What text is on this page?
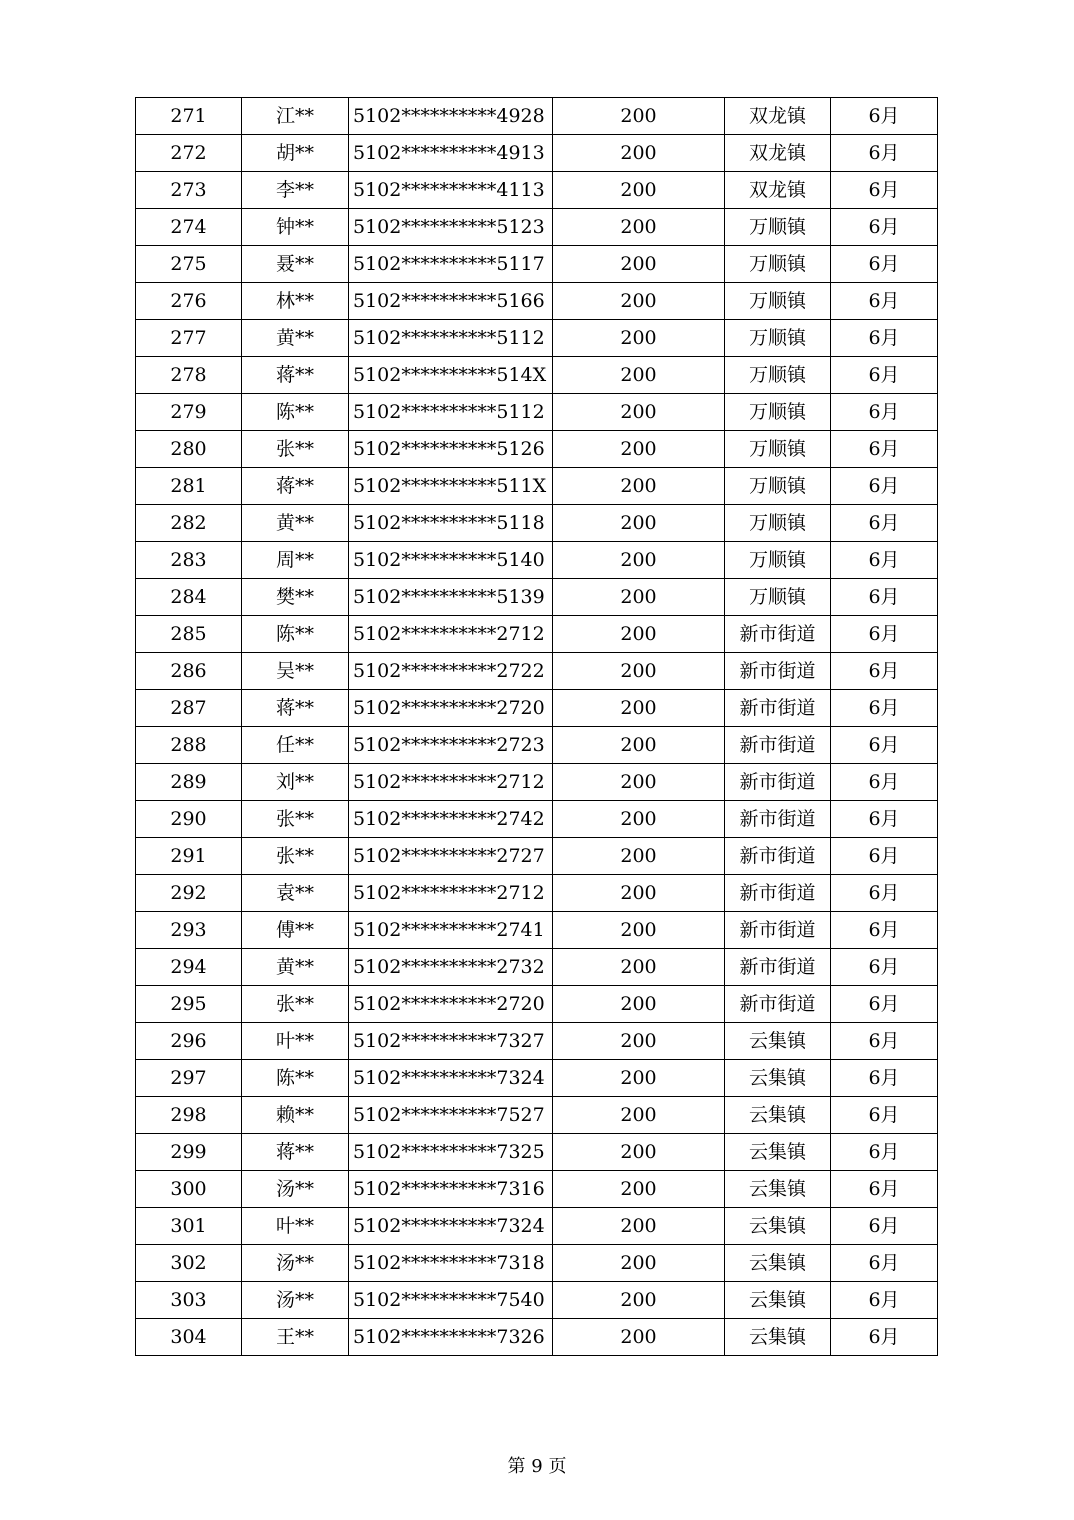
271	江**	5102**********4928	200	双龙镇	6月
272	胡**	5102**********4913	200	双龙镇	6月
273	李**	5102**********4113	200	双龙镇	6月
274	钟**	5102**********5123	200	万顺镇	6月
275	聂**	5102**********5117	200	万顺镇	6月
276	林**	5102**********5166	200	万顺镇	6月
277	黄**	5102**********5112	200	万顺镇	6月
278	蒋**	5102**********514X	200	万顺镇	6月
279	陈**	5102**********5112	200	万顺镇	6月
280	张**	5102**********5126	200	万顺镇	6月
281	蒋**	5102**********511X	200	万顺镇	6月
282	黄**	5102**********5118	200	万顺镇	6月
283	周**	5102**********5140	200	万顺镇	6月
284	樊**	5102**********5139	200	万顺镇	6月
285	陈**	5102**********2712	200	新市街道	6月
286	吴**	5102**********2722	200	新市街道	6月
287	蒋**	5102**********2720	200	新市街道	6月
288	任**	5102**********2723	200	新市街道	6月
289	刘**	5102**********2712	200	新市街道	6月
290	张**	5102**********2742	200	新市街道	6月
291	张**	5102**********2727	200	新市街道	6月
292	袁**	5102**********2712	200	新市街道	6月
293	傅**	5102**********2741	200	新市街道	6月
294	黄**	5102**********2732	200	新市街道	6月
295	张**	5102**********2720	200	新市街道	6月
296	叶**	5102**********7327	200	云集镇	6月
297	陈**	5102**********7324	200	云集镇	6月
298	赖**	5102**********7527	200	云集镇	6月
299	蒋**	5102**********7325	200	云集镇	6月
300	汤**	5102**********7316	200	云集镇	6月
301	叶**	5102**********7324	200	云集镇	6月
302	汤**	5102**********7318	200	云集镇	6月
303	汤**	5102**********7540	200	云集镇	6月
304	王**	5102**********7326	200	云集镇	6月
第 9 页
